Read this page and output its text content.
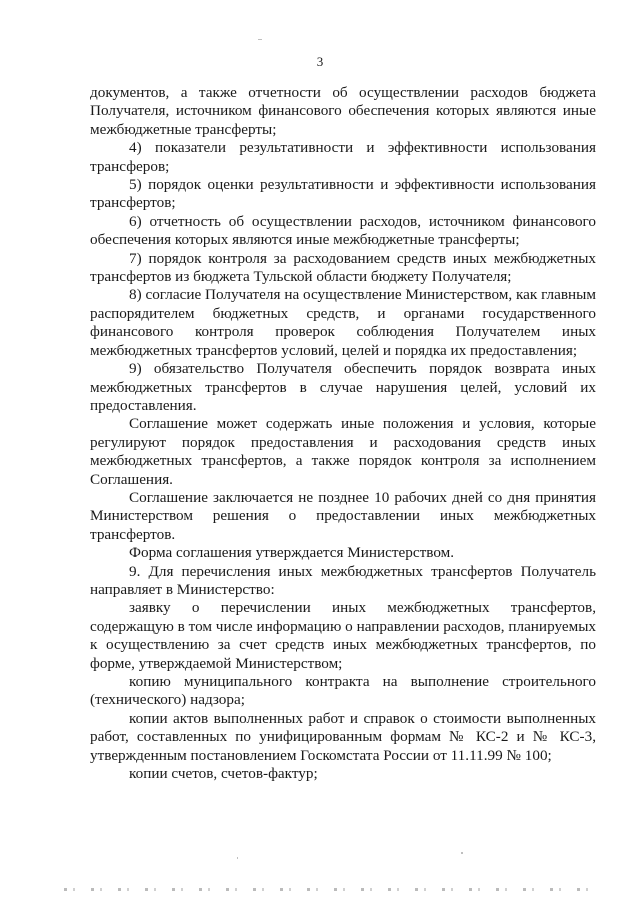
3

документов, а также отчетности об осуществлении расходов бюджета Получателя, источником финансового обеспечения которых являются иные межбюджетные трансферты;

4) показатели результативности и эффективности использования трансферов;

5) порядок оценки результативности и эффективности использования трансфертов;

6) отчетность об осуществлении расходов, источником финансового обеспечения которых являются иные межбюджетные трансферты;

7) порядок контроля за расходованием средств иных межбюджетных трансфертов из бюджета Тульской области бюджету Получателя;

8) согласие Получателя на осуществление Министерством, как главным распорядителем бюджетных средств, и органами государственного финансового контроля проверок соблюдения Получателем иных межбюджетных трансфертов условий, целей и порядка их предоставления;

9) обязательство Получателя обеспечить порядок возврата иных межбюджетных трансфертов в случае нарушения целей, условий их предоставления.

Соглашение может содержать иные положения и условия, которые регулируют порядок предоставления и расходования средств иных межбюджетных трансфертов, а также порядок контроля за исполнением Соглашения.

Соглашение заключается не позднее 10 рабочих дней со дня принятия Министерством решения о предоставлении иных межбюджетных трансфертов.

Форма соглашения утверждается Министерством.

9. Для перечисления иных межбюджетных трансфертов Получатель направляет в Министерство:

заявку о перечислении иных межбюджетных трансфертов, содержащую в том числе информацию о направлении расходов, планируемых к осуществлению за счет средств иных межбюджетных трансфертов, по форме, утверждаемой Министерством;

копию муниципального контракта на выполнение строительного (технического) надзора;

копии актов выполненных работ и справок о стоимости выполненных работ, составленных по унифицированным формам № КС-2 и № КС-3, утвержденным постановлением Госкомстата России от 11.11.99 № 100;

копии счетов, счетов-фактур;
